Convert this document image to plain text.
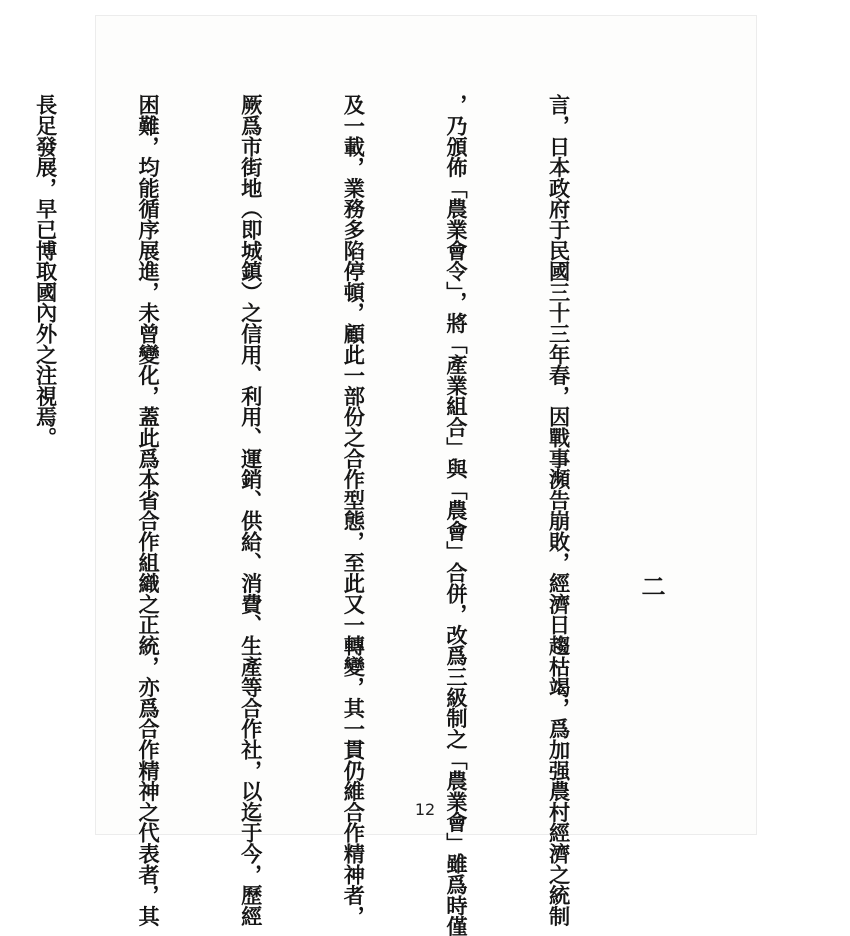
二

言，日本政府于民國三十三年春，因戰事瀕告崩敗，經濟日趨枯竭，爲加强農村經濟之統制

，乃頒佈「農業會令」，將「產業組合」與「農會」合併，改爲三級制之「農業會」雖爲時僅

及一載，業務多陷停頓，顧此一部份之合作型態，至此又一轉變，其一貫仍維合作精神者，

厥爲市街地（即城鎮）之信用、利用、運銷、供給、消費、生產等合作社，以迄于今，歷經

困難，均能循序展進，未曾變化，蓋此爲本省合作組織之正統，亦爲合作精神之代表者，其

長足發展，早已博取國內外之注視焉。

12
